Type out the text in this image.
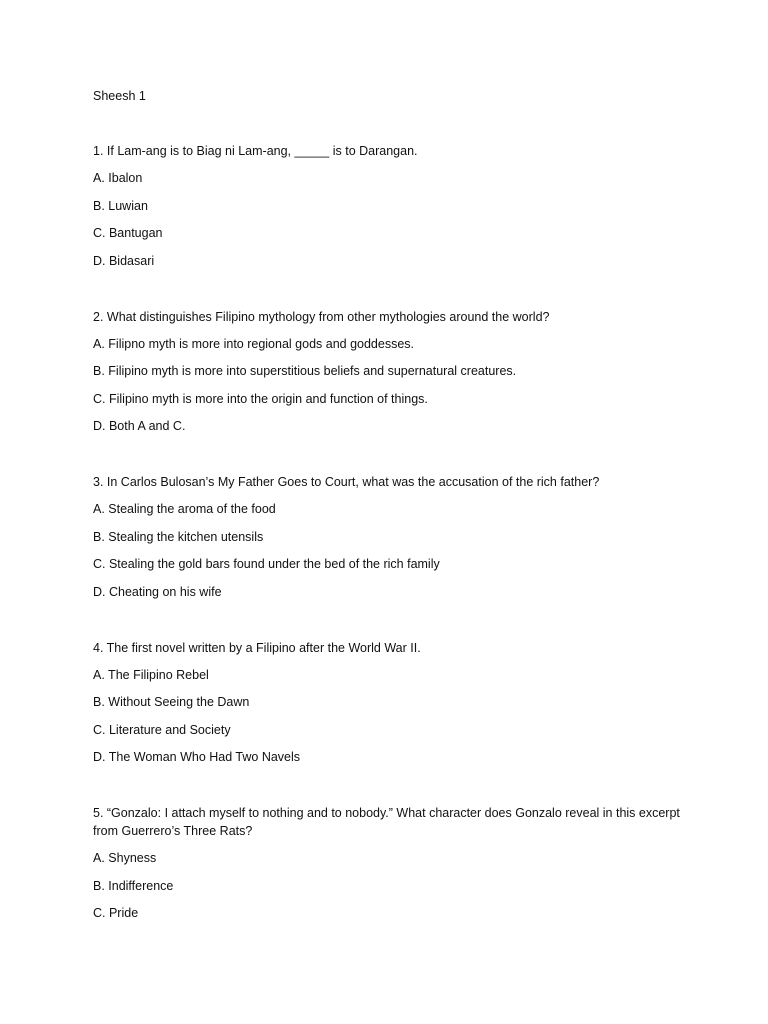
Sheesh 1
1. If Lam-ang is to Biag ni Lam-ang, _____ is to Darangan.
A. Ibalon
B. Luwian
C. Bantugan
D. Bidasari
2. What distinguishes Filipino mythology from other mythologies around the world?
A. Filipno myth is more into regional gods and goddesses.
B. Filipino myth is more into superstitious beliefs and supernatural creatures.
C. Filipino myth is more into the origin and function of things.
D. Both A and C.
3. In Carlos Bulosan’s My Father Goes to Court, what was the accusation of the rich father?
A. Stealing the aroma of the food
B. Stealing the kitchen utensils
C. Stealing the gold bars found under the bed of the rich family
D. Cheating on his wife
4. The first novel written by a Filipino after the World War II.
A. The Filipino Rebel
B. Without Seeing the Dawn
C. Literature and Society
D. The Woman Who Had Two Navels
5. “Gonzalo: I attach myself to nothing and to nobody.” What character does Gonzalo reveal in this excerpt from Guerrero’s Three Rats?
A. Shyness
B. Indifference
C. Pride
